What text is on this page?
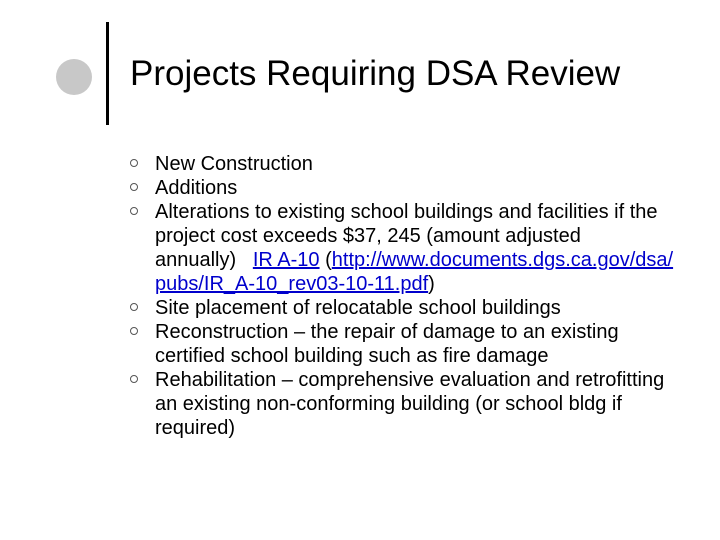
Projects Requiring DSA Review
New Construction
Additions
Alterations to existing school buildings and facilities if the project cost exceeds $37, 245 (amount adjusted annually) IR A-10 (http://www.documents.dgs.ca.gov/dsa/pubs/IR_A-10_rev03-10-11.pdf)
Site placement of relocatable school buildings
Reconstruction – the repair of damage to an existing certified school building such as fire damage
Rehabilitation – comprehensive evaluation and retrofitting an existing non-conforming building (or school bldg if required)
